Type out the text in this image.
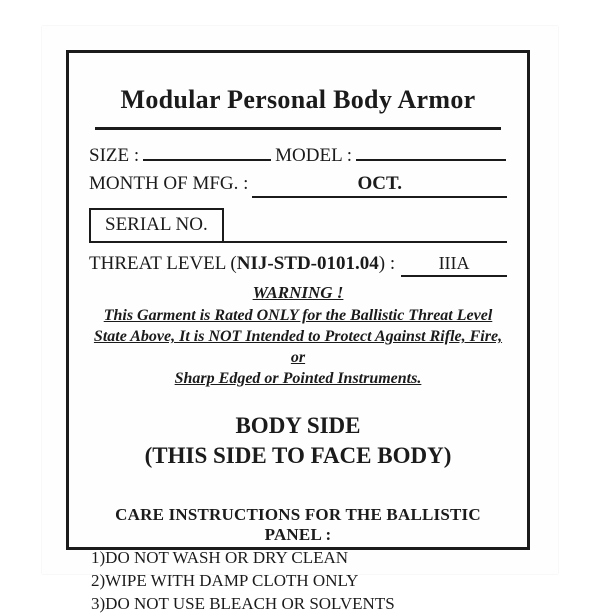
Modular Personal Body Armor
SIZE :	MODEL :
MONTH OF MFG. :	OCT.
SERIAL NO.
THREAT LEVEL ( NIJ-STD-0101.04 ) :	IIIA
WARNING !
This Garment is Rated ONLY for the Ballistic Threat Level
State Above, It is NOT Intended to Protect Against Rifle, Fire, or
Sharp Edged or Pointed Instruments.
BODY SIDE
(THIS SIDE TO FACE BODY)
CARE INSTRUCTIONS FOR THE BALLISTIC PANEL :
1)DO NOT WASH OR DRY CLEAN
2)WIPE WITH DAMP CLOTH ONLY
3)DO NOT USE BLEACH OR SOLVENTS
